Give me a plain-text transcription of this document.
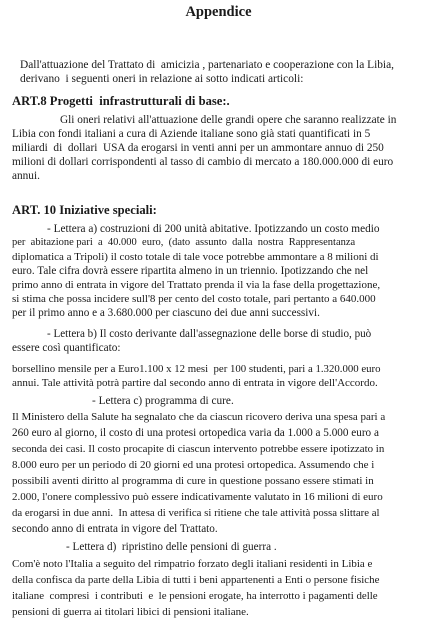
Appendice
Dall'attuazione del Trattato di  amicizia , partenariato e cooperazione con la Libia,
derivano  i seguenti oneri in relazione ai sotto indicati articoli:
ART.8 Progetti  infrastrutturali di base:.
Gli oneri relativi all'attuazione delle grandi opere che saranno realizzate in
Libia con fondi italiani a cura di Aziende italiane sono già stati quantificati in 5
miliardi  di  dollari  USA da erogarsi in venti anni per un ammontare annuo di 250
milioni di dollari corrispondenti al tasso di cambio di mercato a 180.000.000 di euro
annui.
ART. 10 Iniziative speciali:
- Lettera a) costruzioni di 200 unità abitative. Ipotizzando un costo medio
per  abitazione pari  a  40.000  euro,  (dato  assunto  dalla  nostra  Rappresentanza
diplomatica a Tripoli) il costo totale di tale voce potrebbe ammontare a 8 milioni di
euro. Tale cifra dovrà essere ripartita almeno in un triennio. Ipotizzando che nel
primo anno di entrata in vigore del Trattato prenda il via la fase della progettazione,
si stima che possa incidere sull'8 per cento del costo totale, pari pertanto a 640.000
per il primo anno e a 3.680.000 per ciascuno dei due anni successivi.
- Lettera b) Il costo derivante dall'assegnazione delle borse di studio, può
essere così quantificato:
borsellino mensile per a Euro1.100 x 12 mesi  per 100 studenti, pari a 1.320.000 euro
annui. Tale attività potrà partire dal secondo anno di entrata in vigore dell'Accordo.
- Lettera c) programma di cure.
Il Ministero della Salute ha segnalato che da ciascun ricovero deriva una spesa pari a
260 euro al giorno, il costo di una protesi ortopedica varia da 1.000 a 5.000 euro a
seconda dei casi. Il costo procapite di ciascun intervento potrebbe essere ipotizzato in
8.000 euro per un periodo di 20 giorni ed una protesi ortopedica. Assumendo che i
possibili aventi diritto al programma di cure in questione possano essere stimati in
2.000, l'onere complessivo può essere indicativamente valutato in 16 milioni di euro
da erogarsi in due anni.  In attesa di verifica si ritiene che tale attività possa slittare al
secondo anno di entrata in vigore del Trattato.
- Lettera d)  ripristino delle pensioni di guerra .
Com'è noto l'Italia a seguito del rimpatrio forzato degli italiani residenti in Libia e
della confisca da parte della Libia di tutti i beni appartenenti a Enti o persone fisiche
italiane  compresi  i contributi  e  le pensioni erogate, ha interrotto i pagamenti delle
pensioni di guerra ai titolari libici di pensioni italiane.
